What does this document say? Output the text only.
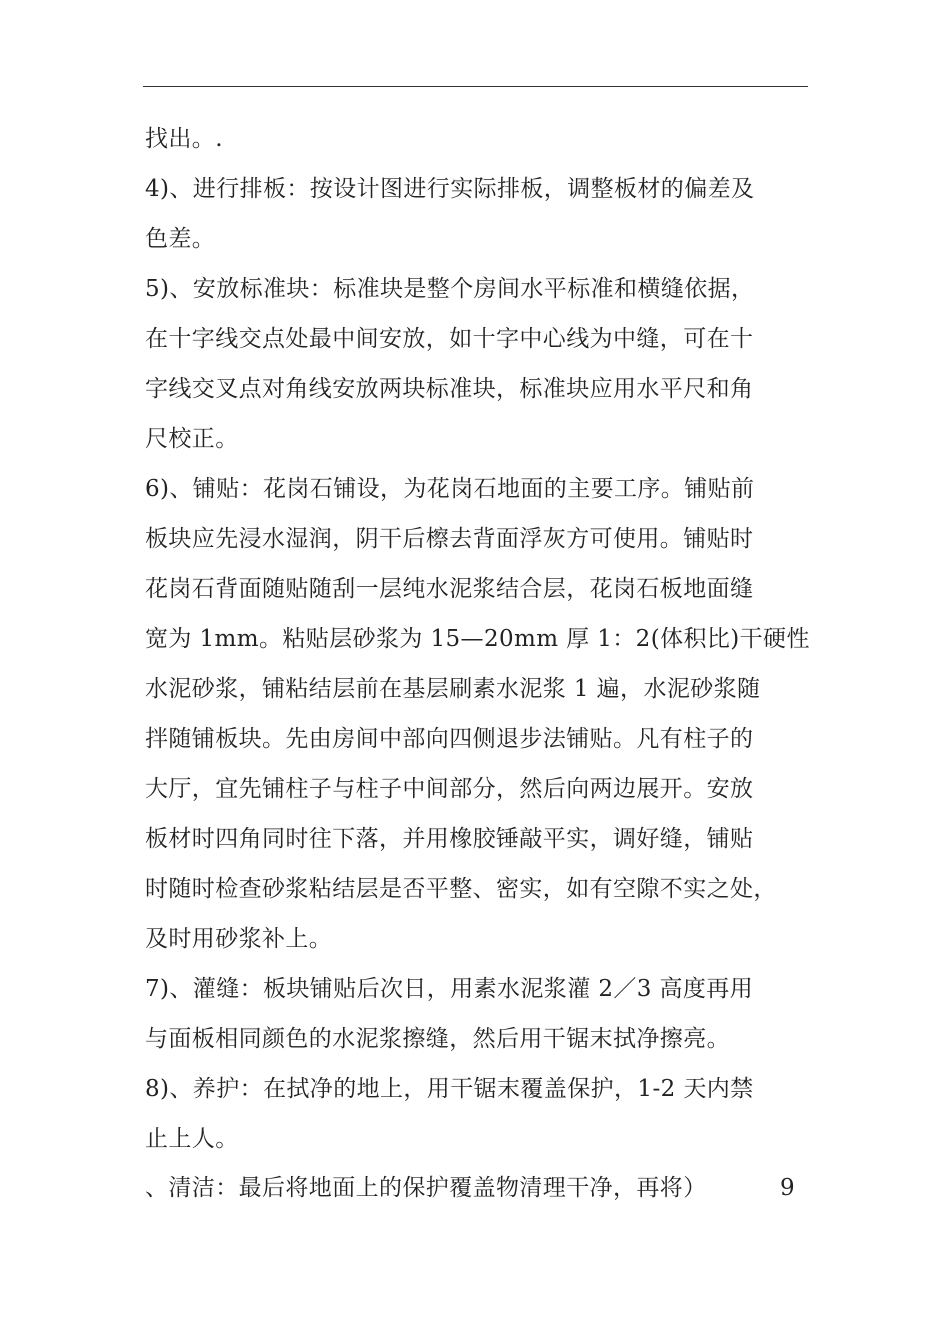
找出。.
4)、进行排板：按设计图进行实际排板，调整板材的偏差及
色差。
5)、安放标准块：标准块是整个房间水平标准和横缝依据，
在十字线交点处最中间安放，如十字中心线为中缝，可在十
字线交叉点对角线安放两块标准块，标准块应用水平尺和角
尺校正。
6)、铺贴：花岗石铺设，为花岗石地面的主要工序。铺贴前
板块应先浸水湿润，阴干后檫去背面浮灰方可使用。铺贴时
花岗石背面随贴随刮一层纯水泥浆结合层，花岗石板地面缝
宽为 1mm。粘贴层砂浆为 15—20mm 厚 1：2(体积比)干硬性
水泥砂浆，铺粘结层前在基层刷素水泥浆 1 遍，水泥砂浆随
拌随铺板块。先由房间中部向四侧退步法铺贴。凡有柱子的
大厅，宜先铺柱子与柱子中间部分，然后向两边展开。安放
板材时四角同时往下落，并用橡胶锤敲平实，调好缝，铺贴
时随时检查砂浆粘结层是否平整、密实，如有空隙不实之处，
及时用砂浆补上。
7)、灌缝：板块铺贴后次日，用素水泥浆灌 2／3 高度再用
与面板相同颜色的水泥浆擦缝，然后用干锯末拭净擦亮。
8)、养护：在拭净的地上，用干锯末覆盖保护，1-2 天内禁
止上人。
、清洁：最后将地面上的保护覆盖物清理干净，再将）	9
